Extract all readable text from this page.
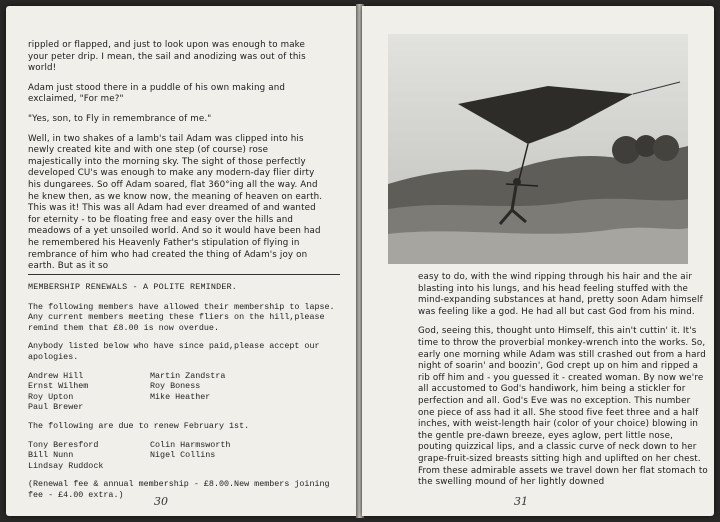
rippled or flapped, and just to look upon was enough to make your peter drip. I mean, the sail and anodizing was out of this world!

Adam just stood there in a puddle of his own making and exclaimed, "For me?"

"Yes, son, to Fly in remembrance of me."

Well, in two shakes of a lamb's tail Adam was clipped into his newly created kite and with one step (of course) rose majestically into the morning sky. The sight of those perfectly developed CU's was enough to make any modern-day flier dirty his dungarees. So off Adam soared, flat 360°ing all the way. And he knew then, as we know now, the meaning of heaven on earth. This was it! This was all Adam had ever dreamed of and wanted for eternity - to be floating free and easy over the hills and meadows of a yet unsoiled world. And so it would have been had he remembered his Heavenly Father's stipulation of flying in rembrance of him who had created the thing of Adam's joy on earth. But as it so

MEMBERSHIP RENEWALS - A POLITE REMINDER.

The following members have allowed their membership to lapse. Any current members meeting these fliers on the hill,please remind them that £8.00 is now overdue.

Anybody listed below who have since paid,please accept our apologies.

Andrew Hill
Ernst Wilhem
Roy Upton
Paul Brewer
Martin Zandstra
Roy Boness
Mike Heather

The following are due to renew February 1st.

Tony Beresford
Bill Nunn
Lindsay Ruddock
Colin Harmsworth
Nigel Collins

(Renewal fee & annual membership - £8.00.New members joining fee - £4.00 extra.)

30

easy to do, with the wind ripping through his hair and the air blasting into his lungs, and his head feeling stuffed with the mind-expanding substances at hand, pretty soon Adam himself was feeling like a god. He had all but cast God from his mind.

God, seeing this, thought unto Himself, this ain't cuttin' it. It's time to throw the proverbial monkey-wrench into the works. So, early one morning while Adam was still crashed out from a hard night of soarin' and boozin', God crept up on him and ripped a rib off him and - you guessed it - created woman. By now we're all accustomed to God's handiwork, him being a stickler for perfection and all. God's Eve was no exception. This number one piece of ass had it all. She stood five feet three and a half inches, with weist-length hair (color of your choice) blowing in the gentle pre-dawn breeze, eyes aglow, pert little nose, pouting quizzical lips, and a classic curve of neck down to her grape-fruit-sized breasts sitting high and uplifted on her chest. From these admirable assets we travel down her flat stomach to the swelling mound of her lightly downed

31
